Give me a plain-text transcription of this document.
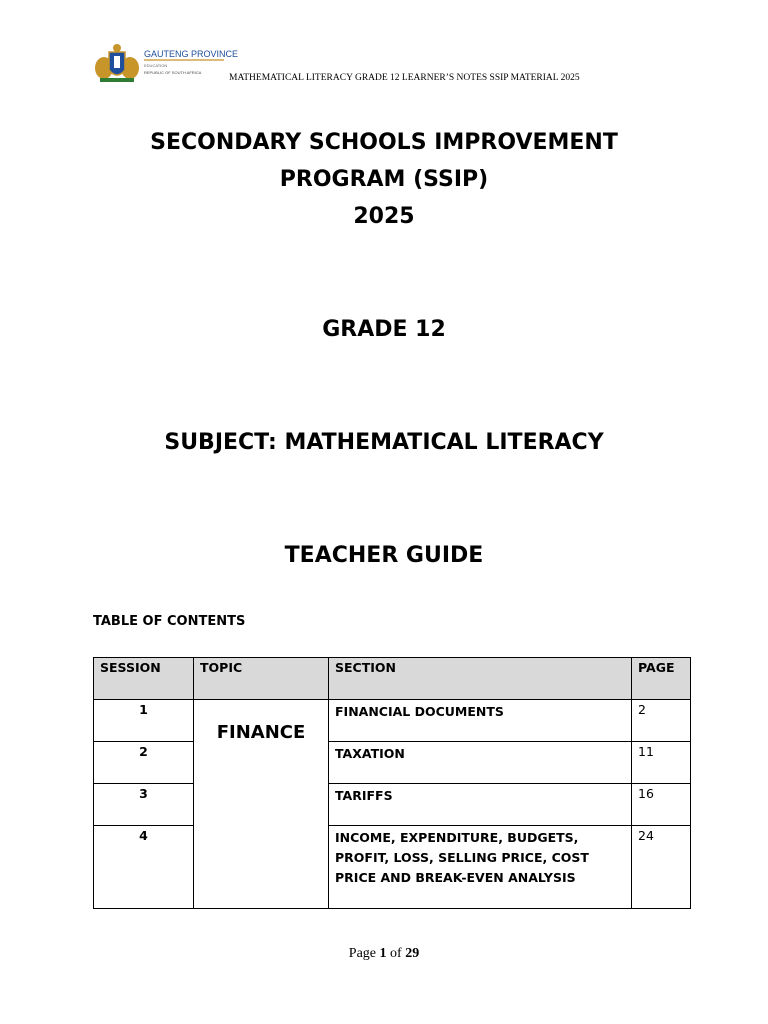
GAUTENG PROVINCE
EDUCATION
REPUBLIC OF SOUTH AFRICA
MATHEMATICAL LITERACY GRADE 12 LEARNER’S NOTES SSIP MATERIAL 2025
SECONDARY SCHOOLS IMPROVEMENT
PROGRAM (SSIP)
2025
GRADE 12
SUBJECT: MATHEMATICAL LITERACY
TEACHER GUIDE
TABLE OF CONTENTS
SESSION	TOPIC	SECTION	PAGE
1	FINANCE	FINANCIAL DOCUMENTS	2
2		TAXATION	11
3		TARIFFS	16
4		INCOME, EXPENDITURE, BUDGETS, PROFIT, LOSS, SELLING PRICE, COST PRICE AND BREAK-EVEN ANALYSIS	24
Page 1 of 29
